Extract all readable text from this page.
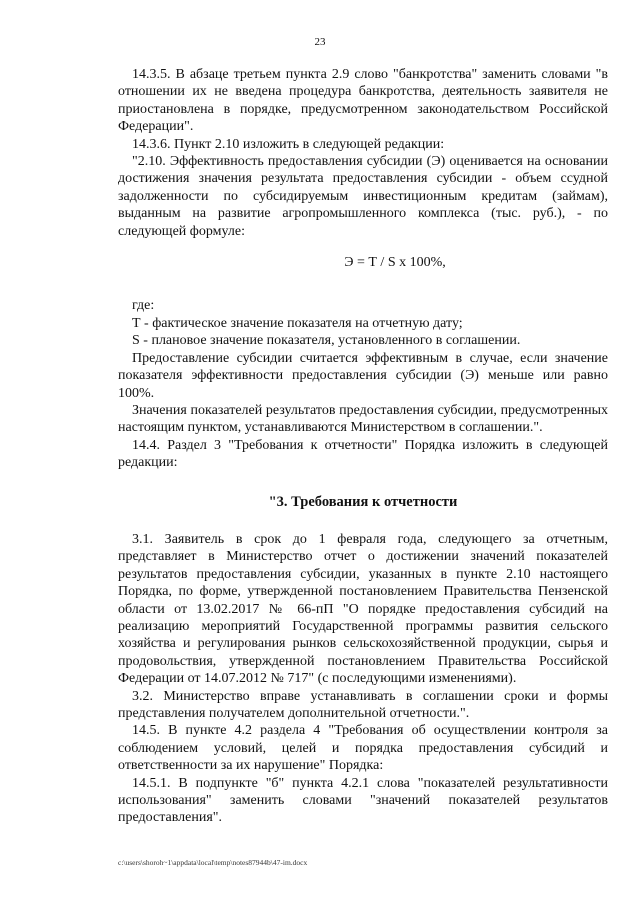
23

14.3.5. В абзаце третьем пункта 2.9 слово "банкротства" заменить словами "в отношении их не введена процедура банкротства, деятельность заявителя не приостановлена в порядке, предусмотренном законодательством Российской Федерации".

14.3.6. Пункт 2.10 изложить в следующей редакции:

"2.10. Эффективность предоставления субсидии (Э) оценивается на основании достижения значения результата предоставления субсидии - объем ссудной задолженности по субсидируемым инвестиционным кредитам (займам), выданным на развитие агропромышленного комплекса (тыс. руб.), - по следующей формуле:

Э = Т / S x 100%,

где:

Т - фактическое значение показателя на отчетную дату;

S - плановое значение показателя, установленного в соглашении.

Предоставление субсидии считается эффективным в случае, если значение показателя эффективности предоставления субсидии (Э) меньше или равно 100%.

Значения показателей результатов предоставления субсидии, предусмотренных настоящим пунктом, устанавливаются Министерством в соглашении.".

14.4. Раздел 3 "Требования к отчетности" Порядка изложить в следующей редакции:

"3. Требования к отчетности

3.1. Заявитель в срок до 1 февраля года, следующего за отчетным, представляет в Министерство отчет о достижении значений показателей результатов предоставления субсидии, указанных в пункте 2.10 настоящего Порядка, по форме, утвержденной постановлением Правительства Пензенской области от 13.02.2017 № 66-пП "О порядке предоставления субсидий на реализацию мероприятий Государственной программы развития сельского хозяйства и регулирования рынков сельскохозяйственной продукции, сырья и продовольствия, утвержденной постановлением Правительства Российской Федерации от 14.07.2012 № 717" (с последующими изменениями).

3.2. Министерство вправе устанавливать в соглашении сроки и формы представления получателем дополнительной отчетности.".

14.5. В пункте 4.2 раздела 4 "Требования об осуществлении контроля за соблюдением условий, целей и порядка предоставления субсидий и ответственности за их нарушение" Порядка:

14.5.1. В подпункте "б" пункта 4.2.1 слова "показателей результативности использования" заменить словами "значений показателей результатов предоставления".

c:\users\shoroh~1\appdata\local\temp\notes87944b\47-im.docx
